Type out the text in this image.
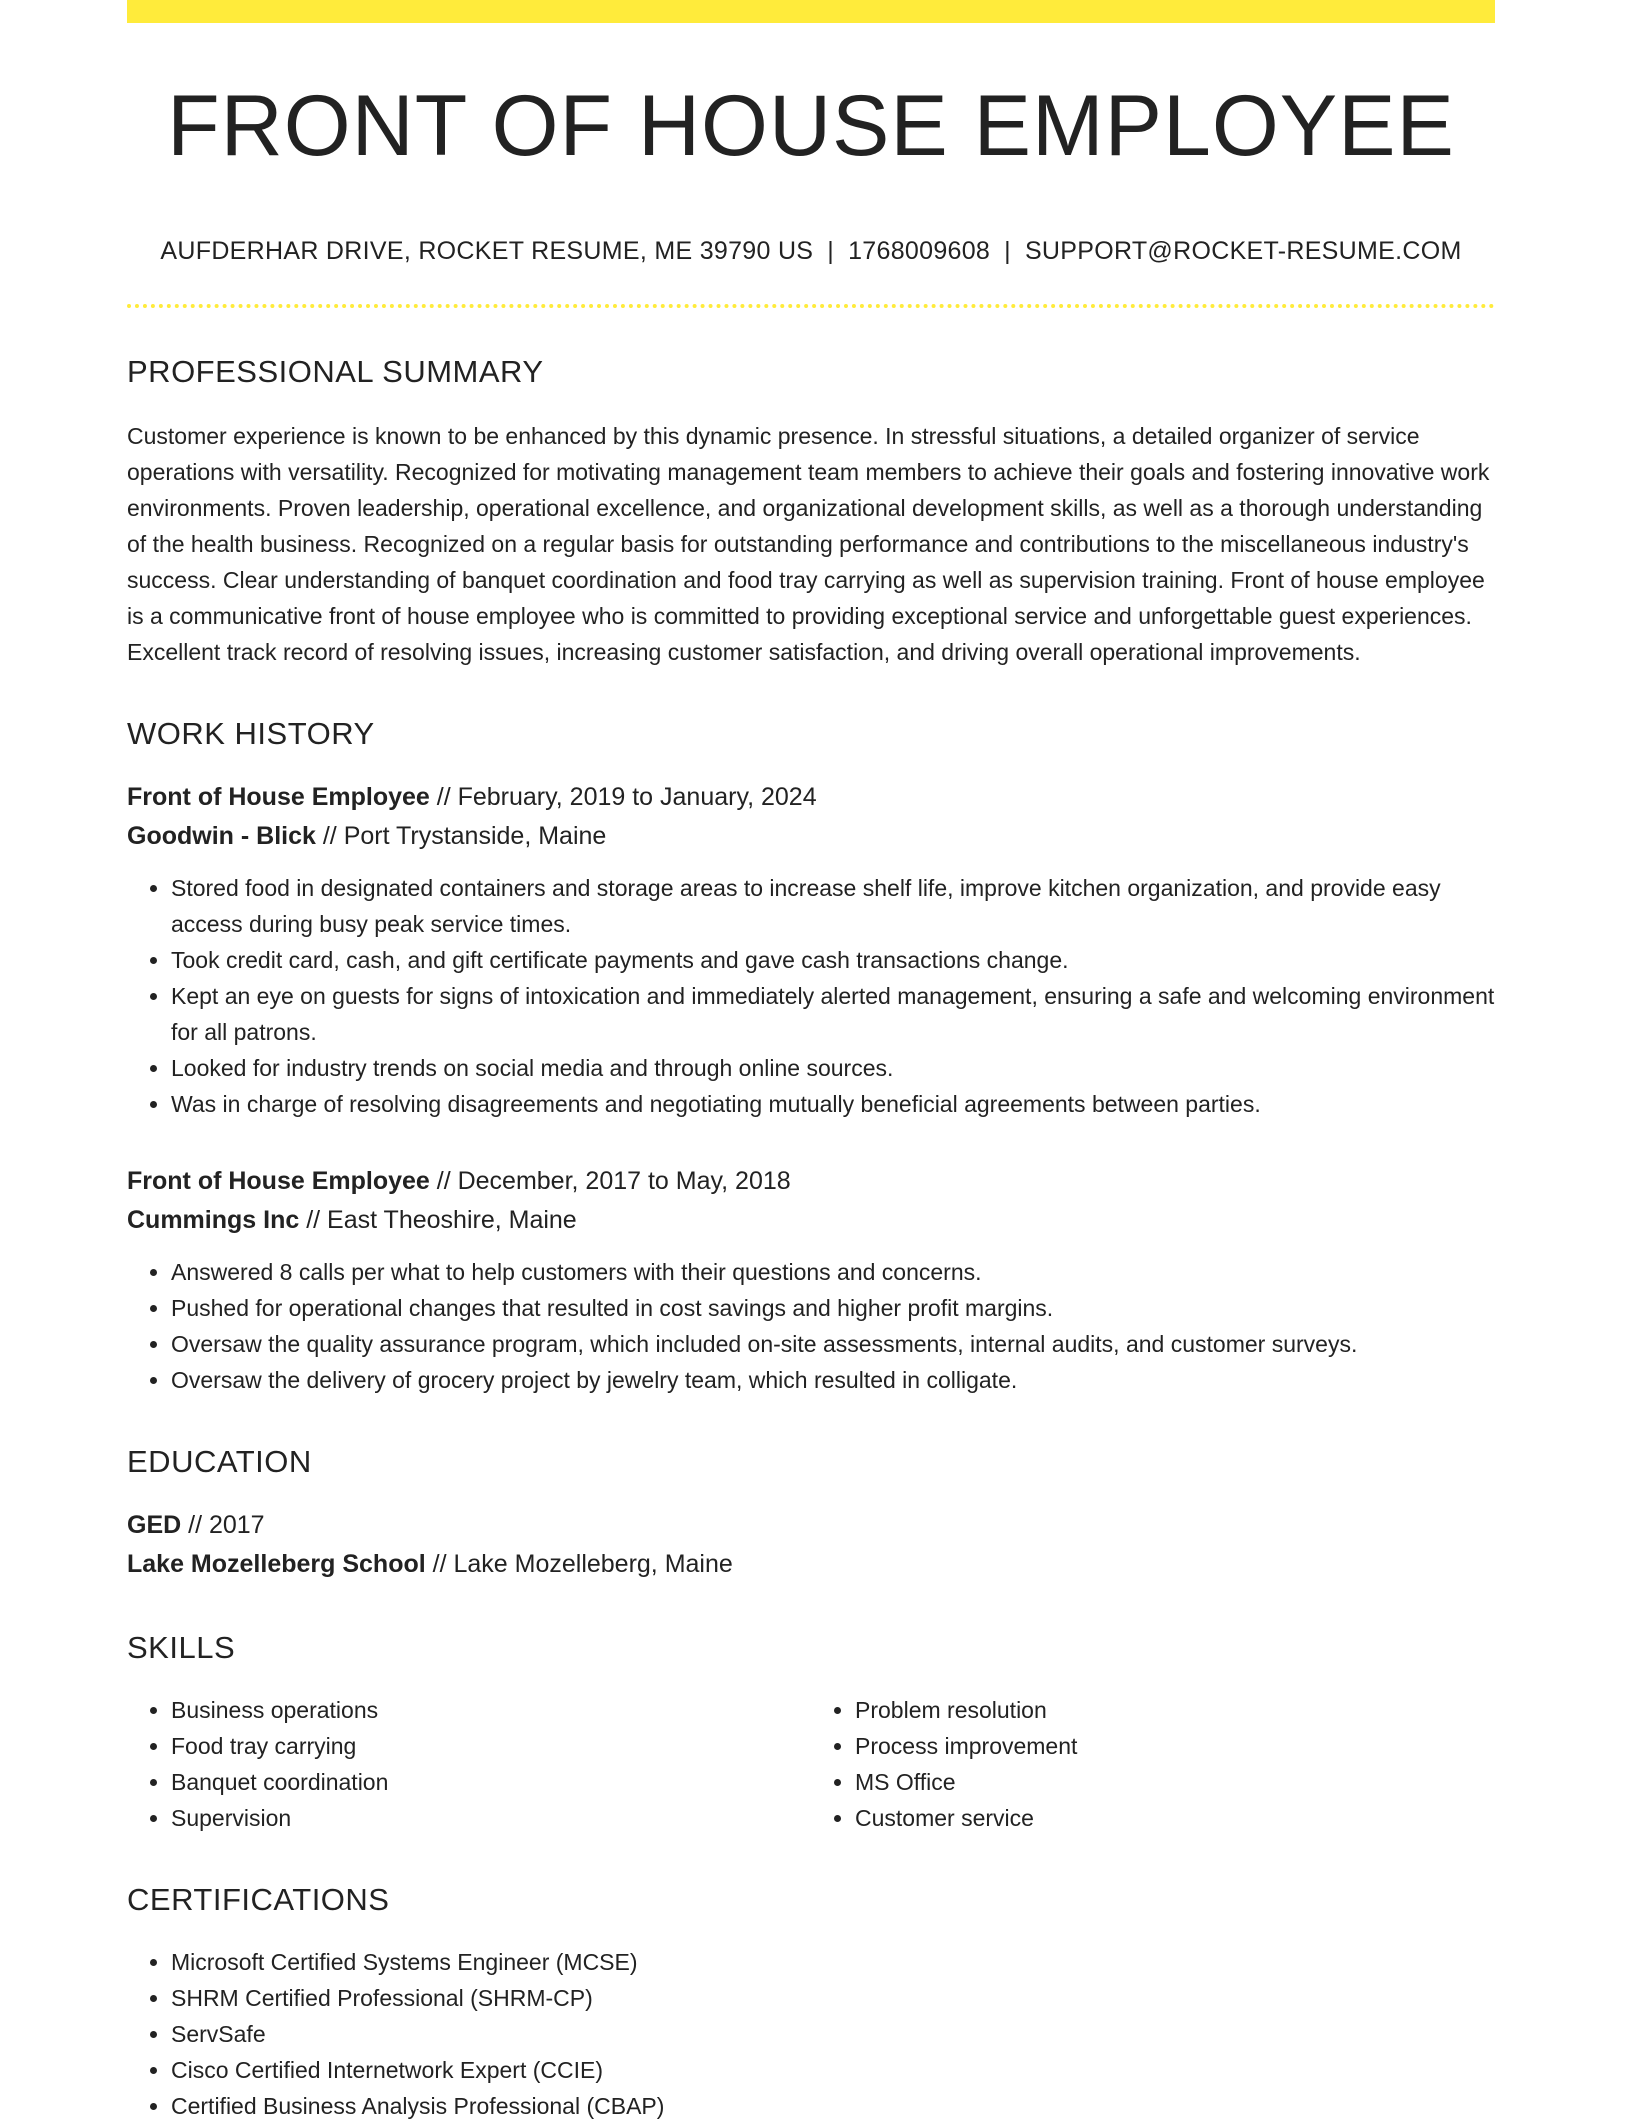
FRONT OF HOUSE EMPLOYEE
AUFDERHAR DRIVE, ROCKET RESUME, ME 39790 US | 1768009608 | SUPPORT@ROCKET-RESUME.COM
PROFESSIONAL SUMMARY

Customer experience is known to be enhanced by this dynamic presence. In stressful situations, a detailed organizer of service operations with versatility. Recognized for motivating management team members to achieve their goals and fostering innovative work environments. Proven leadership, operational excellence, and organizational development skills, as well as a thorough understanding of the health business. Recognized on a regular basis for outstanding performance and contributions to the miscellaneous industry's success. Clear understanding of banquet coordination and food tray carrying as well as supervision training. Front of house employee is a communicative front of house employee who is committed to providing exceptional service and unforgettable guest experiences. Excellent track record of resolving issues, increasing customer satisfaction, and driving overall operational improvements.

WORK HISTORY
Front of House Employee // February, 2019 to January, 2024
Goodwin - Blick // Port Trystanside, Maine
• Stored food in designated containers and storage areas to increase shelf life, improve kitchen organization, and provide easy access during busy peak service times.
• Took credit card, cash, and gift certificate payments and gave cash transactions change.
• Kept an eye on guests for signs of intoxication and immediately alerted management, ensuring a safe and welcoming environment for all patrons.
• Looked for industry trends on social media and through online sources.
• Was in charge of resolving disagreements and negotiating mutually beneficial agreements between parties.
Front of House Employee // December, 2017 to May, 2018
Cummings Inc // East Theoshire, Maine
• Answered 8 calls per what to help customers with their questions and concerns.
• Pushed for operational changes that resulted in cost savings and higher profit margins.
• Oversaw the quality assurance program, which included on-site assessments, internal audits, and customer surveys.
• Oversaw the delivery of grocery project by jewelry team, which resulted in colligate.
EDUCATION
GED // 2017
Lake Mozelleberg School // Lake Mozelleberg, Maine
SKILLS
• Business operations
• Food tray carrying
• Banquet coordination
• Supervision
• Problem resolution
• Process improvement
• MS Office
• Customer service
CERTIFICATIONS
• Microsoft Certified Systems Engineer (MCSE)
• SHRM Certified Professional (SHRM-CP)
• ServSafe
• Cisco Certified Internetwork Expert (CCIE)
• Certified Business Analysis Professional (CBAP)
